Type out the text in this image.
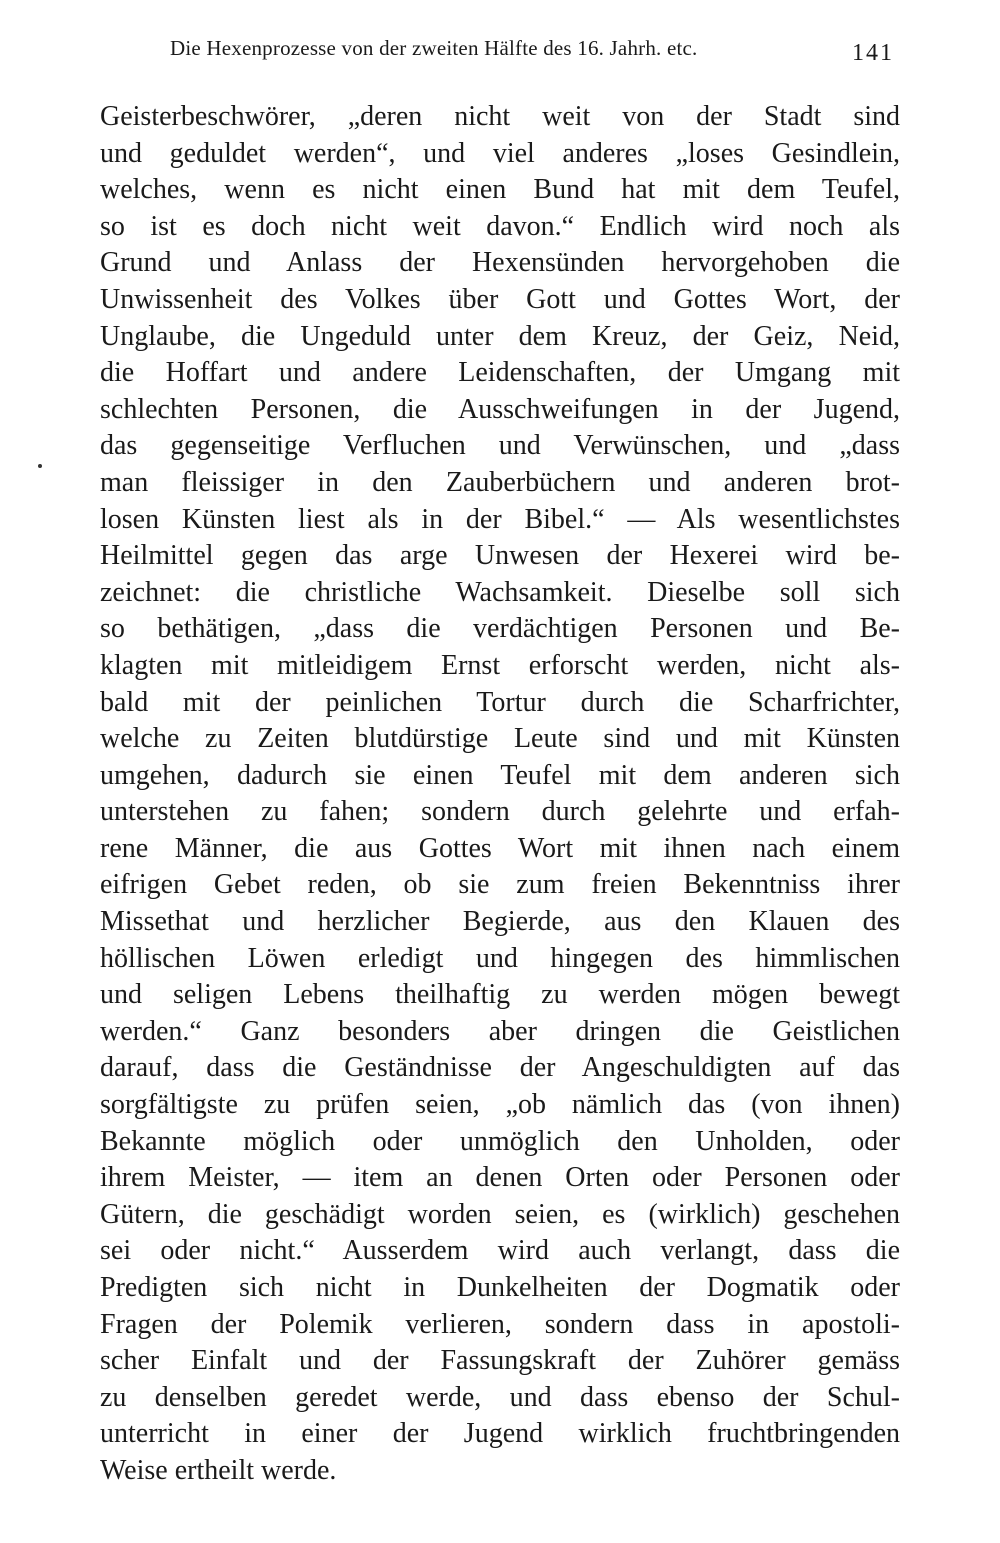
Die Hexenprozesse von der zweiten Hälfte des 16. Jahrh. etc.	141
Geisterbeschwörer, „deren nicht weit von der Stadt sind
und geduldet werden“, und viel anderes „loses Gesindlein,
welches, wenn es nicht einen Bund hat mit dem Teufel,
so ist es doch nicht weit davon.“ Endlich wird noch als
Grund und Anlass der Hexensünden hervorgehoben die
Unwissenheit des Volkes über Gott und Gottes Wort, der
Unglaube, die Ungeduld unter dem Kreuz, der Geiz, Neid,
die Hoffart und andere Leidenschaften, der Umgang mit
schlechten Personen, die Ausschweifungen in der Jugend,
das gegenseitige Verfluchen und Verwünschen, und „dass
man fleissiger in den Zauberbüchern und anderen brot-
losen Künsten liest als in der Bibel.“ — Als wesentlichstes
Heilmittel gegen das arge Unwesen der Hexerei wird be-
zeichnet: die christliche Wachsamkeit. Dieselbe soll sich
so bethätigen, „dass die verdächtigen Personen und Be-
klagten mit mitleidigem Ernst erforscht werden, nicht als-
bald mit der peinlichen Tortur durch die Scharfrichter,
welche zu Zeiten blutdürstige Leute sind und mit Künsten
umgehen, dadurch sie einen Teufel mit dem anderen sich
unterstehen zu fahen; sondern durch gelehrte und erfah-
rene Männer, die aus Gottes Wort mit ihnen nach einem
eifrigen Gebet reden, ob sie zum freien Bekenntniss ihrer
Missethat und herzlicher Begierde, aus den Klauen des
höllischen Löwen erledigt und hingegen des himmlischen
und seligen Lebens theilhaftig zu werden mögen bewegt
werden.“ Ganz besonders aber dringen die Geistlichen
darauf, dass die Geständnisse der Angeschuldigten auf das
sorgfältigste zu prüfen seien, „ob nämlich das (von ihnen)
Bekannte möglich oder unmöglich den Unholden, oder
ihrem Meister, — item an denen Orten oder Personen oder
Gütern, die geschädigt worden seien, es (wirklich) geschehen
sei oder nicht.“ Ausserdem wird auch verlangt, dass die
Predigten sich nicht in Dunkelheiten der Dogmatik oder
Fragen der Polemik verlieren, sondern dass in apostoli-
scher Einfalt und der Fassungskraft der Zuhörer gemäss
zu denselben geredet werde, und dass ebenso der Schul-
unterricht in einer der Jugend wirklich fruchtbringenden
Weise ertheilt werde.
